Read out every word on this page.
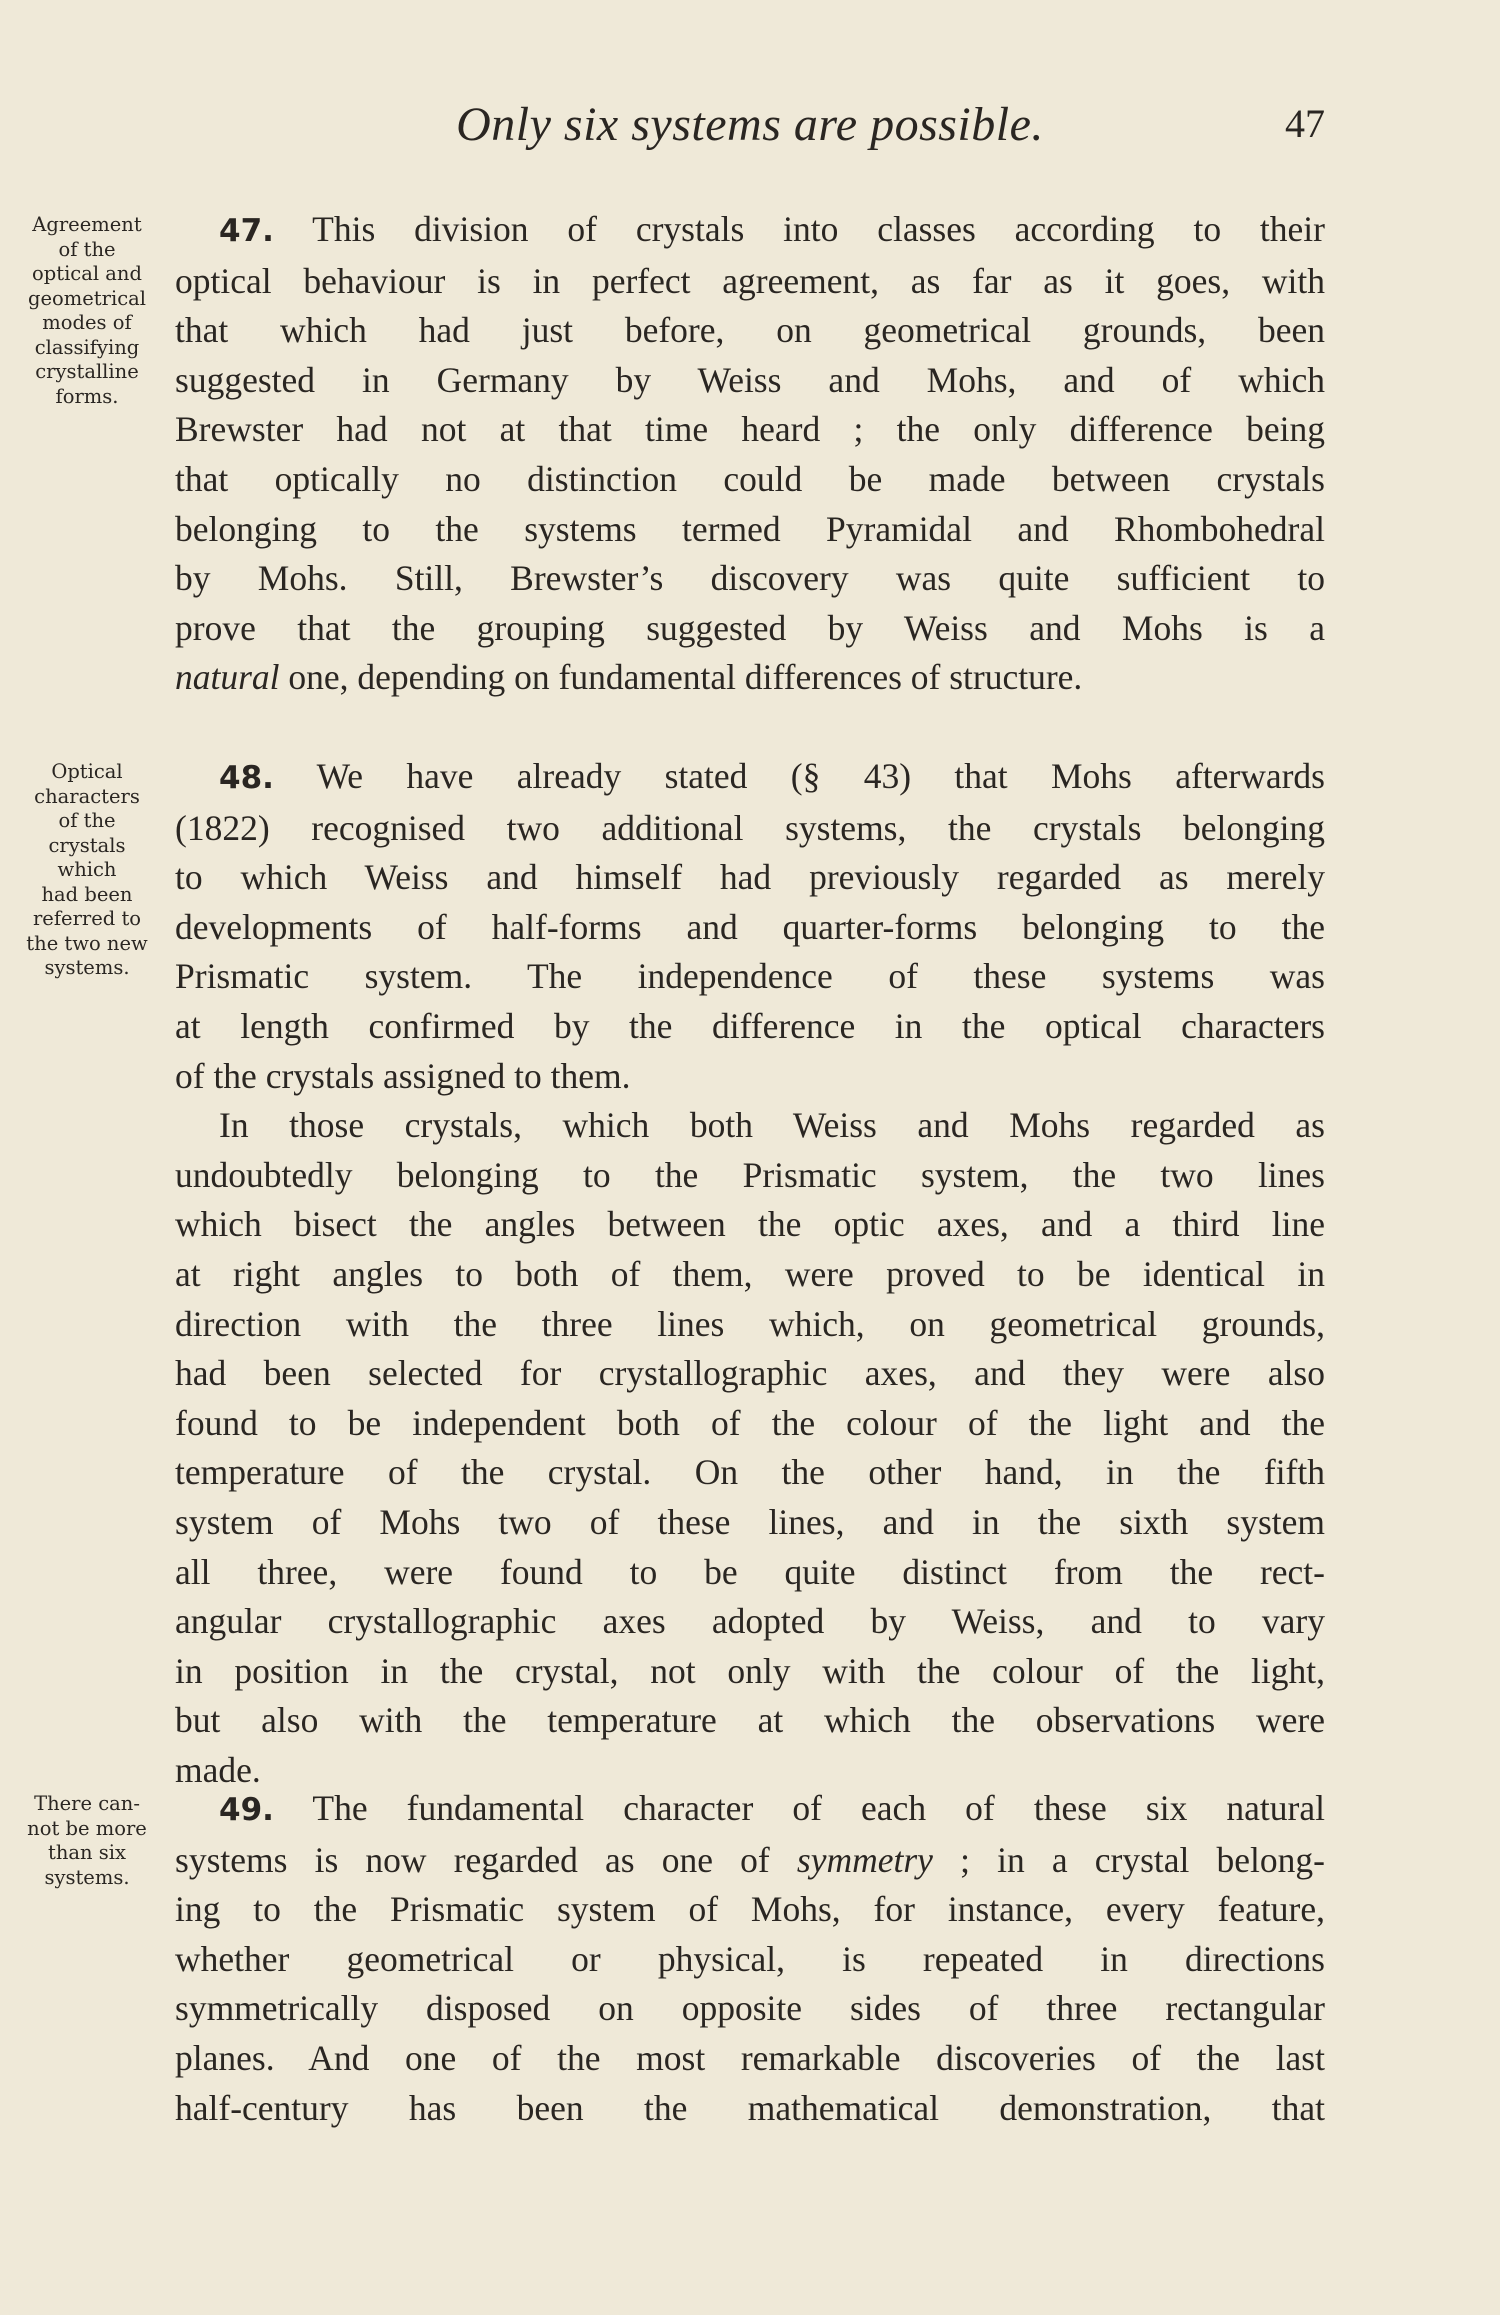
Only six systems are possible.	47
Agreement
of the
optical and
geometrical
modes of
classifying
crystalline
forms.
47. This division of crystals into classes according to their
optical behaviour is in perfect agreement, as far as it goes, with
that which had just before, on geometrical grounds, been
suggested in Germany by Weiss and Mohs, and of which
Brewster had not at that time heard ; the only difference being
that optically no distinction could be made between crystals
belonging to the systems termed Pyramidal and Rhombohedral
by Mohs. Still, Brewster’s discovery was quite sufficient to
prove that the grouping suggested by Weiss and Mohs is a
natural one, depending on fundamental differences of structure.
Optical
characters
of the
crystals
which
had been
referred to
the two new
systems.
48. We have already stated (§ 43) that Mohs afterwards
(1822) recognised two additional systems, the crystals belonging
to which Weiss and himself had previously regarded as merely
developments of half-forms and quarter-forms belonging to the
Prismatic system. The independence of these systems was
at length confirmed by the difference in the optical characters
of the crystals assigned to them.
In those crystals, which both Weiss and Mohs regarded as
undoubtedly belonging to the Prismatic system, the two lines
which bisect the angles between the optic axes, and a third line
at right angles to both of them, were proved to be identical in
direction with the three lines which, on geometrical grounds,
had been selected for crystallographic axes, and they were also
found to be independent both of the colour of the light and the
temperature of the crystal. On the other hand, in the fifth
system of Mohs two of these lines, and in the sixth system
all three, were found to be quite distinct from the rect-
angular crystallographic axes adopted by Weiss, and to vary
in position in the crystal, not only with the colour of the light,
but also with the temperature at which the observations were
made.
There can-
not be more
than six
systems.
49. The fundamental character of each of these six natural
systems is now regarded as one of symmetry ; in a crystal belong-
ing to the Prismatic system of Mohs, for instance, every feature,
whether geometrical or physical, is repeated in directions
symmetrically disposed on opposite sides of three rectangular
planes. And one of the most remarkable discoveries of the last
half-century has been the mathematical demonstration, that
